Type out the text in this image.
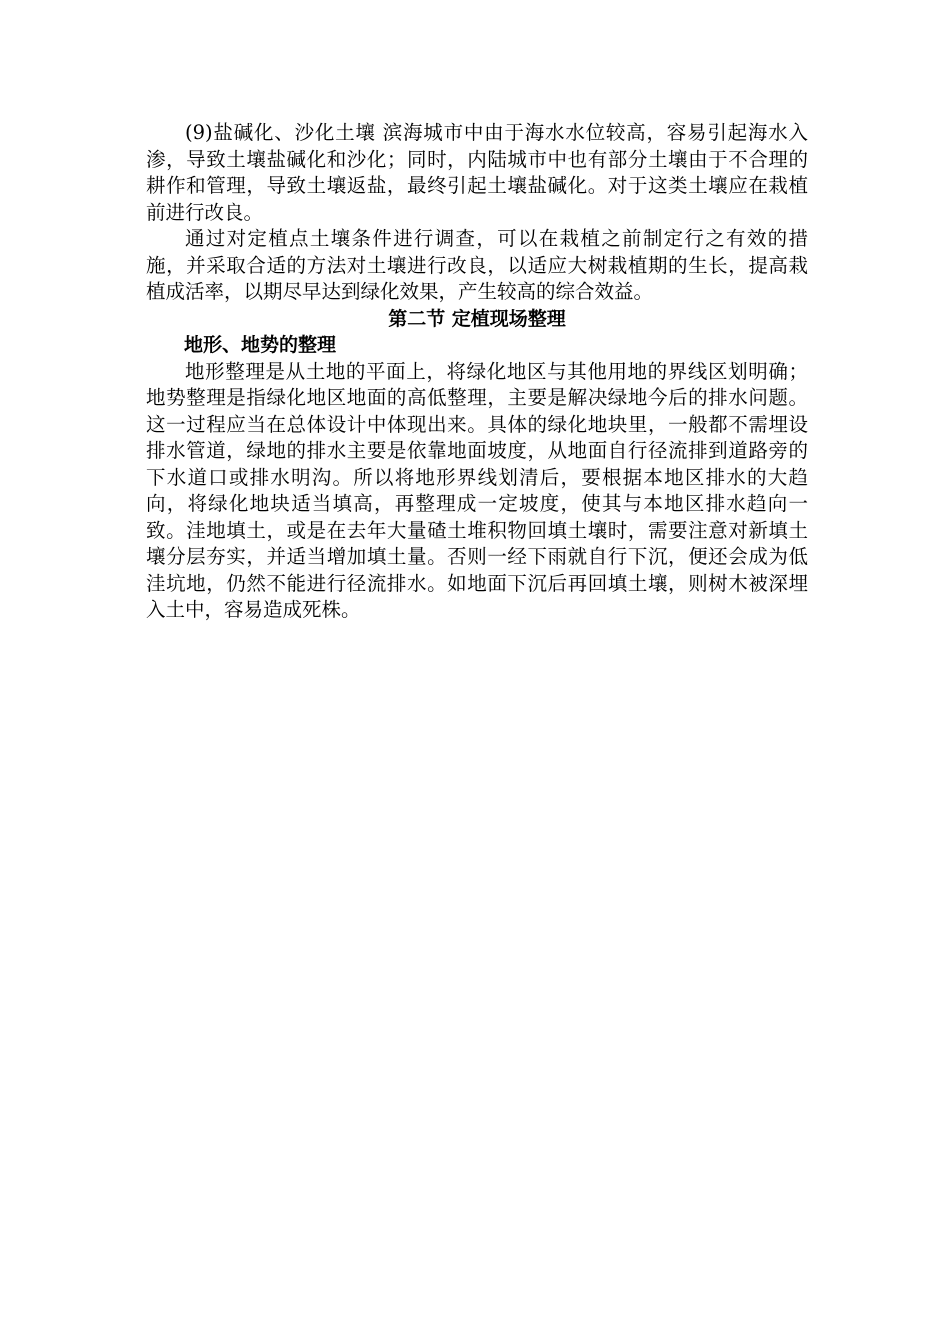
(9)盐碱化、沙化土壤 滨海城市中由于海水水位较高，容易引起海水入渗，导致土壤盐碱化和沙化；同时，内陆城市中也有部分土壤由于不合理的耕作和管理，导致土壤返盐，最终引起土壤盐碱化。对于这类土壤应在栽植前进行改良。

通过对定植点土壤条件进行调查，可以在栽植之前制定行之有效的措施，并采取合适的方法对土壤进行改良，以适应大树栽植期的生长，提高栽植成活率，以期尽早达到绿化效果，产生较高的综合效益。

第二节 定植现场整理

地形、地势的整理

地形整理是从土地的平面上，将绿化地区与其他用地的界线区划明确；地势整理是指绿化地区地面的高低整理，主要是解决绿地今后的排水问题。这一过程应当在总体设计中体现出来。具体的绿化地块里，一般都不需埋设排水管道，绿地的排水主要是依靠地面坡度，从地面自行径流排到道路旁的下水道口或排水明沟。所以将地形界线划清后，要根据本地区排水的大趋向，将绿化地块适当填高，再整理成一定坡度，使其与本地区排水趋向一致。洼地填土，或是在去年大量碴土堆积物回填土壤时，需要注意对新填土壤分层夯实，并适当增加填土量。否则一经下雨就自行下沉，便还会成为低洼坑地，仍然不能进行径流排水。如地面下沉后再回填土壤，则树木被深埋入土中，容易造成死株。
